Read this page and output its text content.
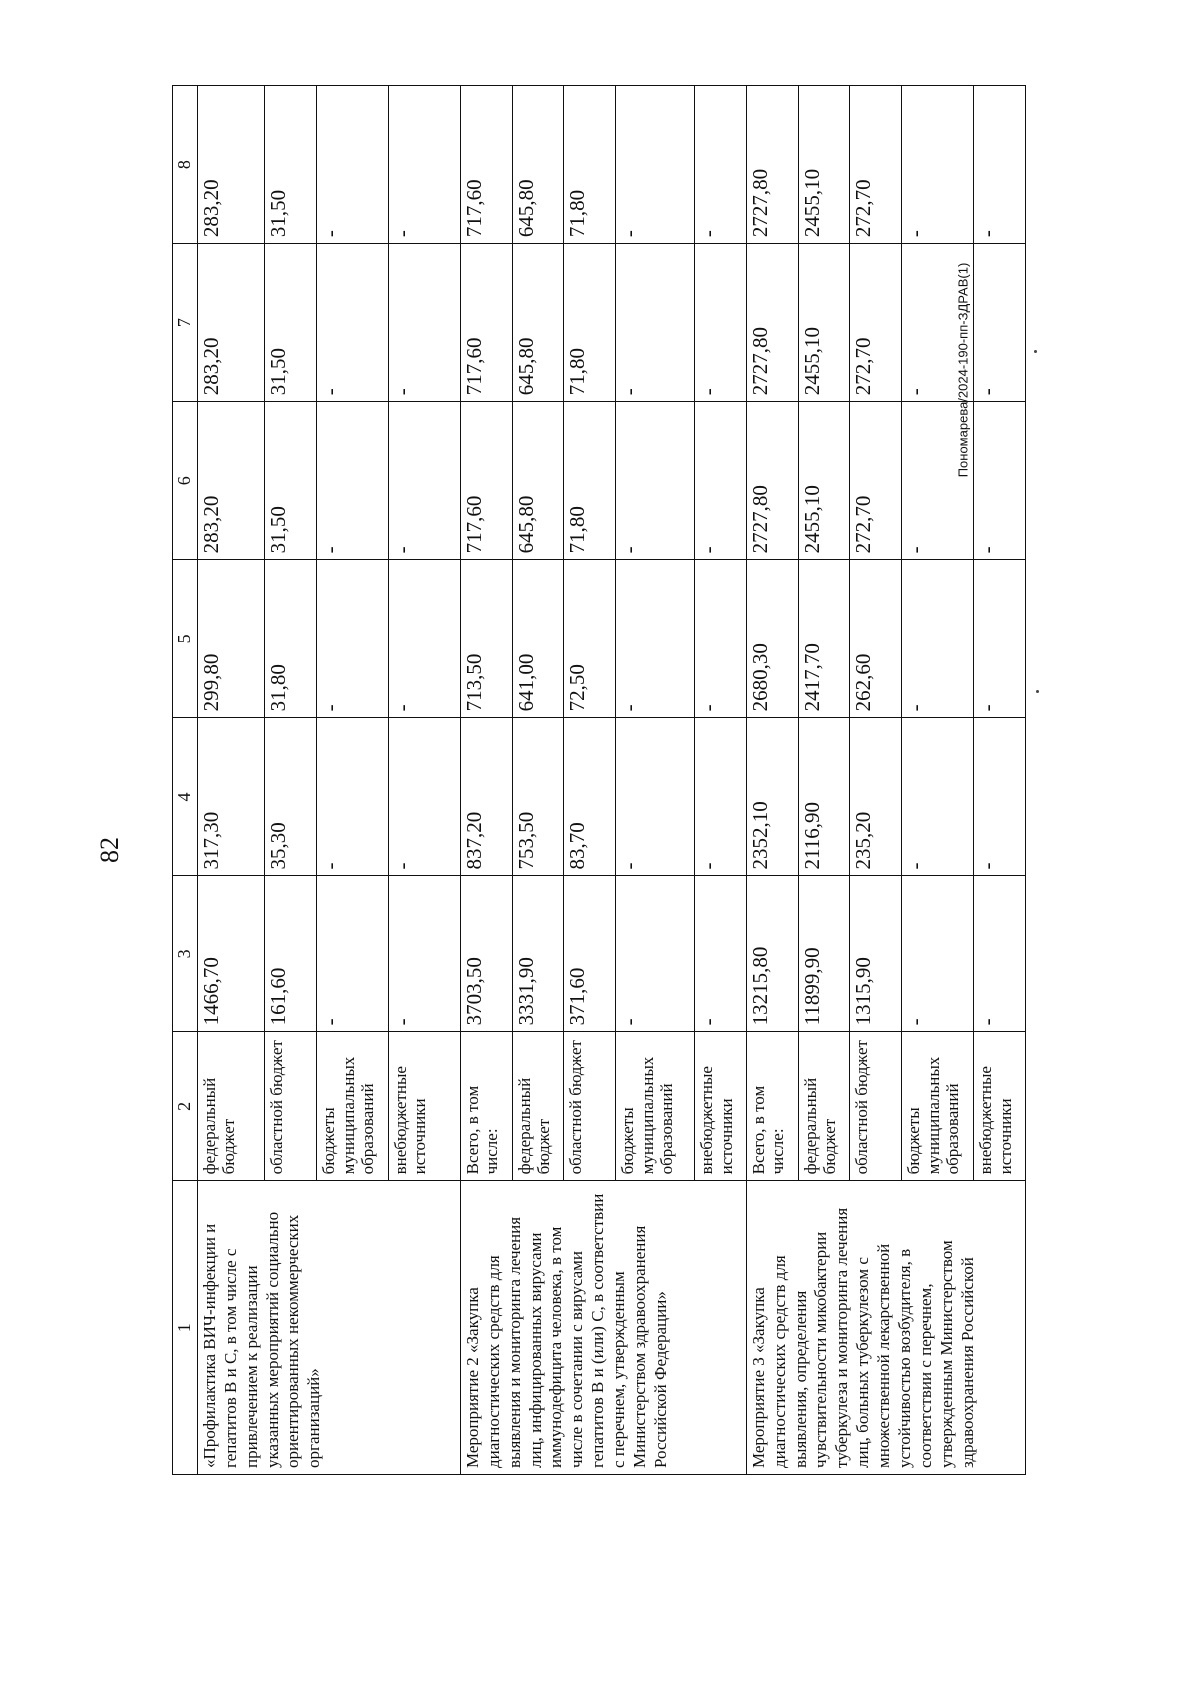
82
Пономарева/2024-190-пп-ЗДРАВ(1)
1	2	3	4	5	6	7	8
«Профилактика ВИЧ-инфекции и гепатитов В и С, в том числе с привлечением к реализации указанных мероприятий социально ориентированных некоммерческих организаций»	федеральный бюджет	1466,70	317,30	299,80	283,20	283,20	283,20
	областной бюджет	161,60	35,30	31,80	31,50	31,50	31,50
	бюджеты муниципальных образований	-	-	-	-	-	-
	внебюджетные источники	-	-	-	-	-	-
Мероприятие 2 «Закупка диагностических средств для выявления и мониторинга лечения лиц, инфицированных вирусами иммунодефицита человека, в том числе в сочетании с вирусами гепатитов В и (или) С, в соответствии с перечнем, утвержденным Министерством здравоохранения Российской Федерации»	Всего, в том числе:	3703,50	837,20	713,50	717,60	717,60	717,60
	федеральный бюджет	3331,90	753,50	641,00	645,80	645,80	645,80
	областной бюджет	371,60	83,70	72,50	71,80	71,80	71,80
	бюджеты муниципальных образований	-	-	-	-	-	-
	внебюджетные источники	-	-	-	-	-	-
Мероприятие 3 «Закупка диагностических средств для выявления, определения чувствительности микобактерии туберкулеза и мониторинга лечения лиц, больных туберкулезом с множественной лекарственной устойчивостью возбудителя, в соответствии с перечнем, утвержденным Министерством здравоохранения Российской	Всего, в том числе:	13215,80	2352,10	2680,30	2727,80	2727,80	2727,80
	федеральный бюджет	11899,90	2116,90	2417,70	2455,10	2455,10	2455,10
	областной бюджет	1315,90	235,20	262,60	272,70	272,70	272,70
	бюджеты муниципальных образований	-	-	-	-	-	-
	внебюджетные источники	-	-	-	-	-	-
